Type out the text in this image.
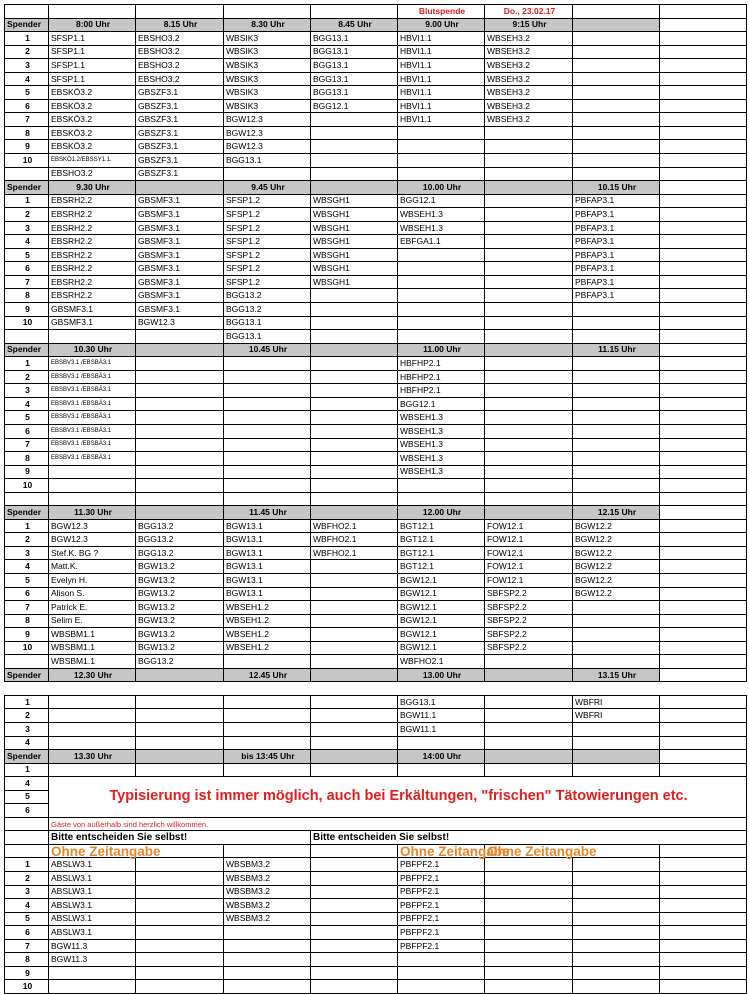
					Blutspende	Do., 23.02.17		
Spender	8:00 Uhr	8.15 Uhr	8.30 Uhr	8.45 Uhr	9.00 Uhr	9:15 Uhr		
1	SFSP1.1	EBSHO3.2	WBSIK3	BGG13.1	HBVI1.1	WBSEH3.2		
2	SFSP1.1	EBSHO3.2	WBSIK3	BGG13.1	HBVI1.1	WBSEH3.2		
3	SFSP1.1	EBSHO3.2	WBSIK3	BGG13.1	HBVI1.1	WBSEH3.2		
4	SFSP1.1	EBSHO3.2	WBSIK3	BGG13.1	HBVI1.1	WBSEH3.2		
5	EBSKÖ3.2	GBSZF3.1	WBSIK3	BGG13.1	HBVI1.1	WBSEH3.2		
6	EBSKÖ3.2	GBSZF3.1	WBSIK3	BGG12.1	HBVI1.1	WBSEH3.2		
7	EBSKÖ3.2	GBSZF3.1	BGW12.3		HBVI1.1	WBSEH3.2		
8	EBSKÖ3.2	GBSZF3.1	BGW12.3					
9	EBSKÖ3.2	GBSZF3.1	BGW12.3					
10	EBSKÖ1.2/EBSSY1.1.	GBSZF3.1	BGG13.1					
	EBSHO3.2	GBSZF3.1						
Spender	9.30 Uhr		9.45 Uhr		10.00 Uhr		10.15 Uhr	
1	EBSRH2.2	GBSMF3.1	SFSP1.2	WBSGH1	BGG12.1		PBFAP3.1	
2	EBSRH2.2	GBSMF3.1	SFSP1.2	WBSGH1	WBSEH1.3		PBFAP3.1	
3	EBSRH2.2	GBSMF3.1	SFSP1.2	WBSGH1	WBSEH1.3		PBFAP3.1	
4	EBSRH2.2	GBSMF3.1	SFSP1.2	WBSGH1	EBFGA1.1		PBFAP3.1	
5	EBSRH2.2	GBSMF3.1	SFSP1.2	WBSGH1			PBFAP3.1	
6	EBSRH2.2	GBSMF3.1	SFSP1.2	WBSGH1			PBFAP3.1	
7	EBSRH2.2	GBSMF3.1	SFSP1.2	WBSGH1			PBFAP3.1	
8	EBSRH2.2	GBSMF3.1	BGG13.2				PBFAP3.1	
9	GBSMF3.1	GBSMF3.1	BGG13.2					
10	GBSMF3.1	BGW12.3	BGG13.1					
			BGG13.1					
Spender	10.30 Uhr		10.45 Uhr		11.00 Uhr		11.15 Uhr	
1	EBSBV3.1 /EBSBÄ3.1				HBFHP2.1			
2	EBSBV3.1 /EBSBÄ3.1				HBFHP2.1			
3	EBSBV3.1 /EBSBÄ3.1				HBFHP2.1			
4	EBSBV3.1 /EBSBÄ3.1				BGG12.1			
5	EBSBV3.1 /EBSBÄ3.1				WBSEH1.3			
6	EBSBV3.1 /EBSBÄ3.1				WBSEH1.3			
7	EBSBV3.1 /EBSBÄ3.1				WBSEH1.3			
8	EBSBV3.1 /EBSBÄ3.1				WBSEH1.3			
9					WBSEH1.3			
10								

Spender	11.30 Uhr		11.45 Uhr		12.00 Uhr		12.15 Uhr	
1	BGW12.3	BGG13.2	BGW13.1	WBFHO2.1	BGT12.1	FOW12.1	BGW12.2	
2	BGW12.3	BGG13.2	BGW13.1	WBFHO2.1	BGT12.1	FOW12.1	BGW12.2	
3	Stef.K. BG ?	BGG13.2	BGW13.1	WBFHO2.1	BGT12.1	FOW12.1	BGW12.2	
4	Matt.K.	BGW13.2	BGW13.1		BGT12.1	FOW12.1	BGW12.2	
5	Evelyn H.	BGW13.2	BGW13.1		BGW12.1	FOW12.1	BGW12.2	
6	Alison S.	BGW13.2	BGW13.1		BGW12.1	SBFSP2.2	BGW12.2	
7	Patrick E.	BGW13.2	WBSEH1.2		BGW12.1	SBFSP2.2		
8	Selim E.	BGW13.2	WBSEH1.2		BGW12.1	SBFSP2.2		
9	WBSBM1.1	BGW13.2	WBSEH1.2		BGW12.1	SBFSP2.2		
10	WBSBM1.1	BGW13.2	WBSEH1.2		BGW12.1	SBFSP2.2		
	WBSBM1.1	BGG13.2			WBFHO2.1			
Spender	12.30 Uhr		12.45 Uhr		13.00 Uhr		13.15 Uhr	

1					BGG13.1		WBFRI	
2					BGW11.1		WBFRI	
3					BGW11.1			
4								
Spender	13.30 Uhr		bis 13:45 Uhr		14:00 Uhr			
1								
4	Typisierung ist immer möglich, auch bei Erkältungen, "frischen" Tätowierungen etc.							
5								
6								
	Gäste von außerhalb sind herzlich willkommen.							
	Bitte entscheiden Sie selbst!			Bitte entscheiden Sie selbst!				
	Ohne Zeitangabe				Ohne Zeitangabe	Ohne Zeitangabe		
1	ABSLW3.1		WBSBM3.2		PBFPF2.1			
2	ABSLW3.1		WBSBM3.2		PBFPF2.1			
3	ABSLW3.1		WBSBM3.2		PBFPF2.1			
4	ABSLW3.1		WBSBM3.2		PBFPF2.1			
5	ABSLW3.1		WBSBM3.2		PBFPF2.1			
6	ABSLW3.1				PBFPF2.1			
7	BGW11.3				PBFPF2.1			
8	BGW11.3							
9								
10								
